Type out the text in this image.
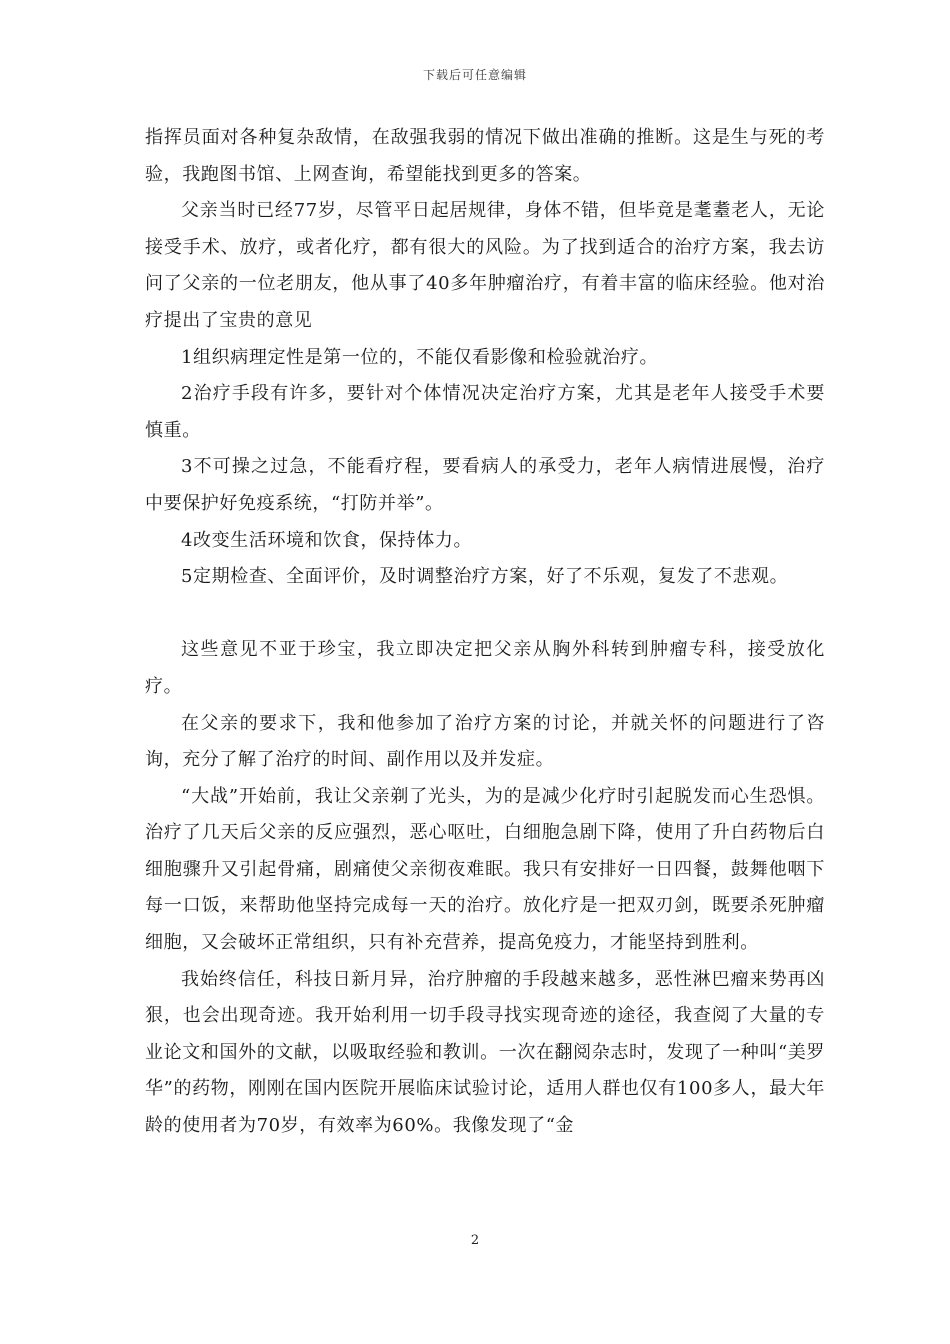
下载后可任意编辑

指挥员面对各种复杂敌情，在敌强我弱的情况下做出准确的推断。这是生与死的考验，我跑图书馆、上网查询，希望能找到更多的答案。

父亲当时已经77岁，尽管平日起居规律，身体不错，但毕竟是耄耋老人，无论接受手术、放疗，或者化疗，都有很大的风险。为了找到适合的治疗方案，我去访问了父亲的一位老朋友，他从事了40多年肿瘤治疗，有着丰富的临床经验。他对治疗提出了宝贵的意见

1组织病理定性是第一位的，不能仅看影像和检验就治疗。

2治疗手段有许多，要针对个体情况决定治疗方案，尤其是老年人接受手术要慎重。

3不可操之过急，不能看疗程，要看病人的承受力，老年人病情进展慢，治疗中要保护好免疫系统，“打防并举”。

4改变生活环境和饮食，保持体力。

5定期检查、全面评价，及时调整治疗方案，好了不乐观，复发了不悲观。

这些意见不亚于珍宝，我立即决定把父亲从胸外科转到肿瘤专科，接受放化疗。

在父亲的要求下，我和他参加了治疗方案的讨论，并就关怀的问题进行了咨询，充分了解了治疗的时间、副作用以及并发症。

“大战”开始前，我让父亲剃了光头，为的是减少化疗时引起脱发而心生恐惧。治疗了几天后父亲的反应强烈，恶心呕吐，白细胞急剧下降，使用了升白药物后白细胞骤升又引起骨痛，剧痛使父亲彻夜难眠。我只有安排好一日四餐，鼓舞他咽下每一口饭，来帮助他坚持完成每一天的治疗。放化疗是一把双刃剑，既要杀死肿瘤细胞，又会破坏正常组织，只有补充营养，提高免疫力，才能坚持到胜利。

我始终信任，科技日新月异，治疗肿瘤的手段越来越多，恶性淋巴瘤来势再凶狠，也会出现奇迹。我开始利用一切手段寻找实现奇迹的途径，我查阅了大量的专业论文和国外的文献，以吸取经验和教训。一次在翻阅杂志时，发现了一种叫“美罗华”的药物，刚刚在国内医院开展临床试验讨论，适用人群也仅有100多人，最大年龄的使用者为70岁，有效率为60%。我像发现了“金

2
